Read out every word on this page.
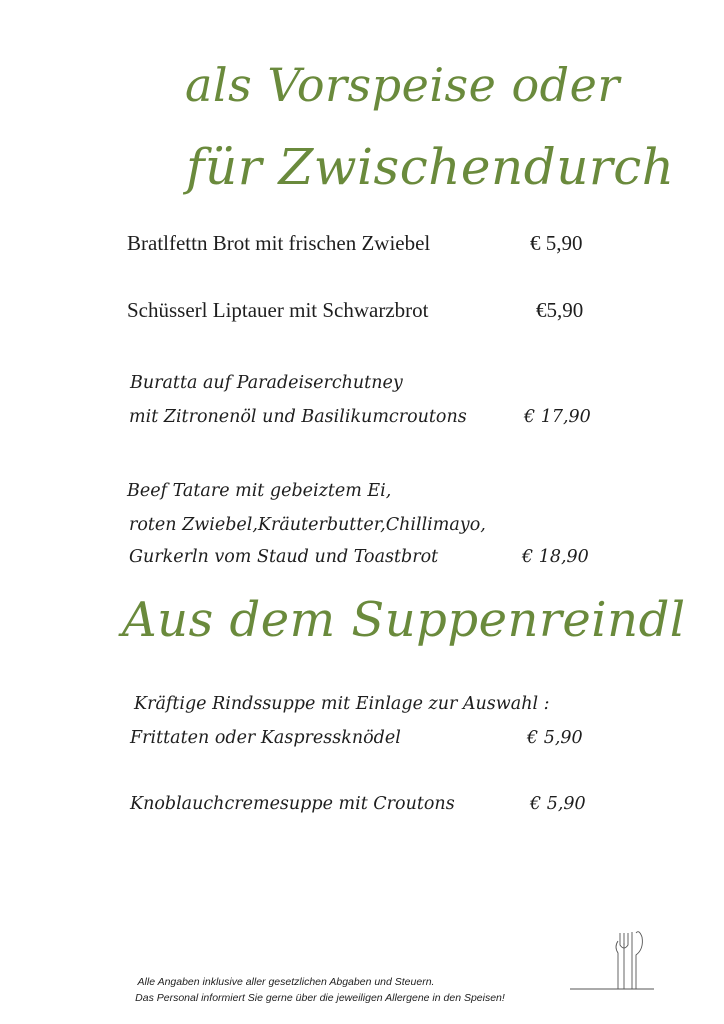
als Vorspeise oder
für Zwischendurch
Bratlfettn Brot mit frischen Zwiebel	€ 5,90
Schüsserl Liptauer mit Schwarzbrot	€5,90
Buratta auf Paradeiserchutney
mit Zitronenöl und Basilikumcroutons	€ 17,90
Beef Tatare mit gebeiztem Ei,
roten Zwiebel,Kräuterbutter,Chillimayo,
Gurkerln vom Staud und Toastbrot	€ 18,90
Aus dem Suppenreindl
Kräftige Rindssuppe mit Einlage zur Auswahl :
Frittaten oder Kaspressknödel	€ 5,90
Knoblauchcremesuppe mit Croutons	€ 5,90
Alle Angaben inklusive aller gesetzlichen Abgaben und Steuern.
Das Personal informiert Sie gerne über die jeweiligen Allergene in den Speisen!
